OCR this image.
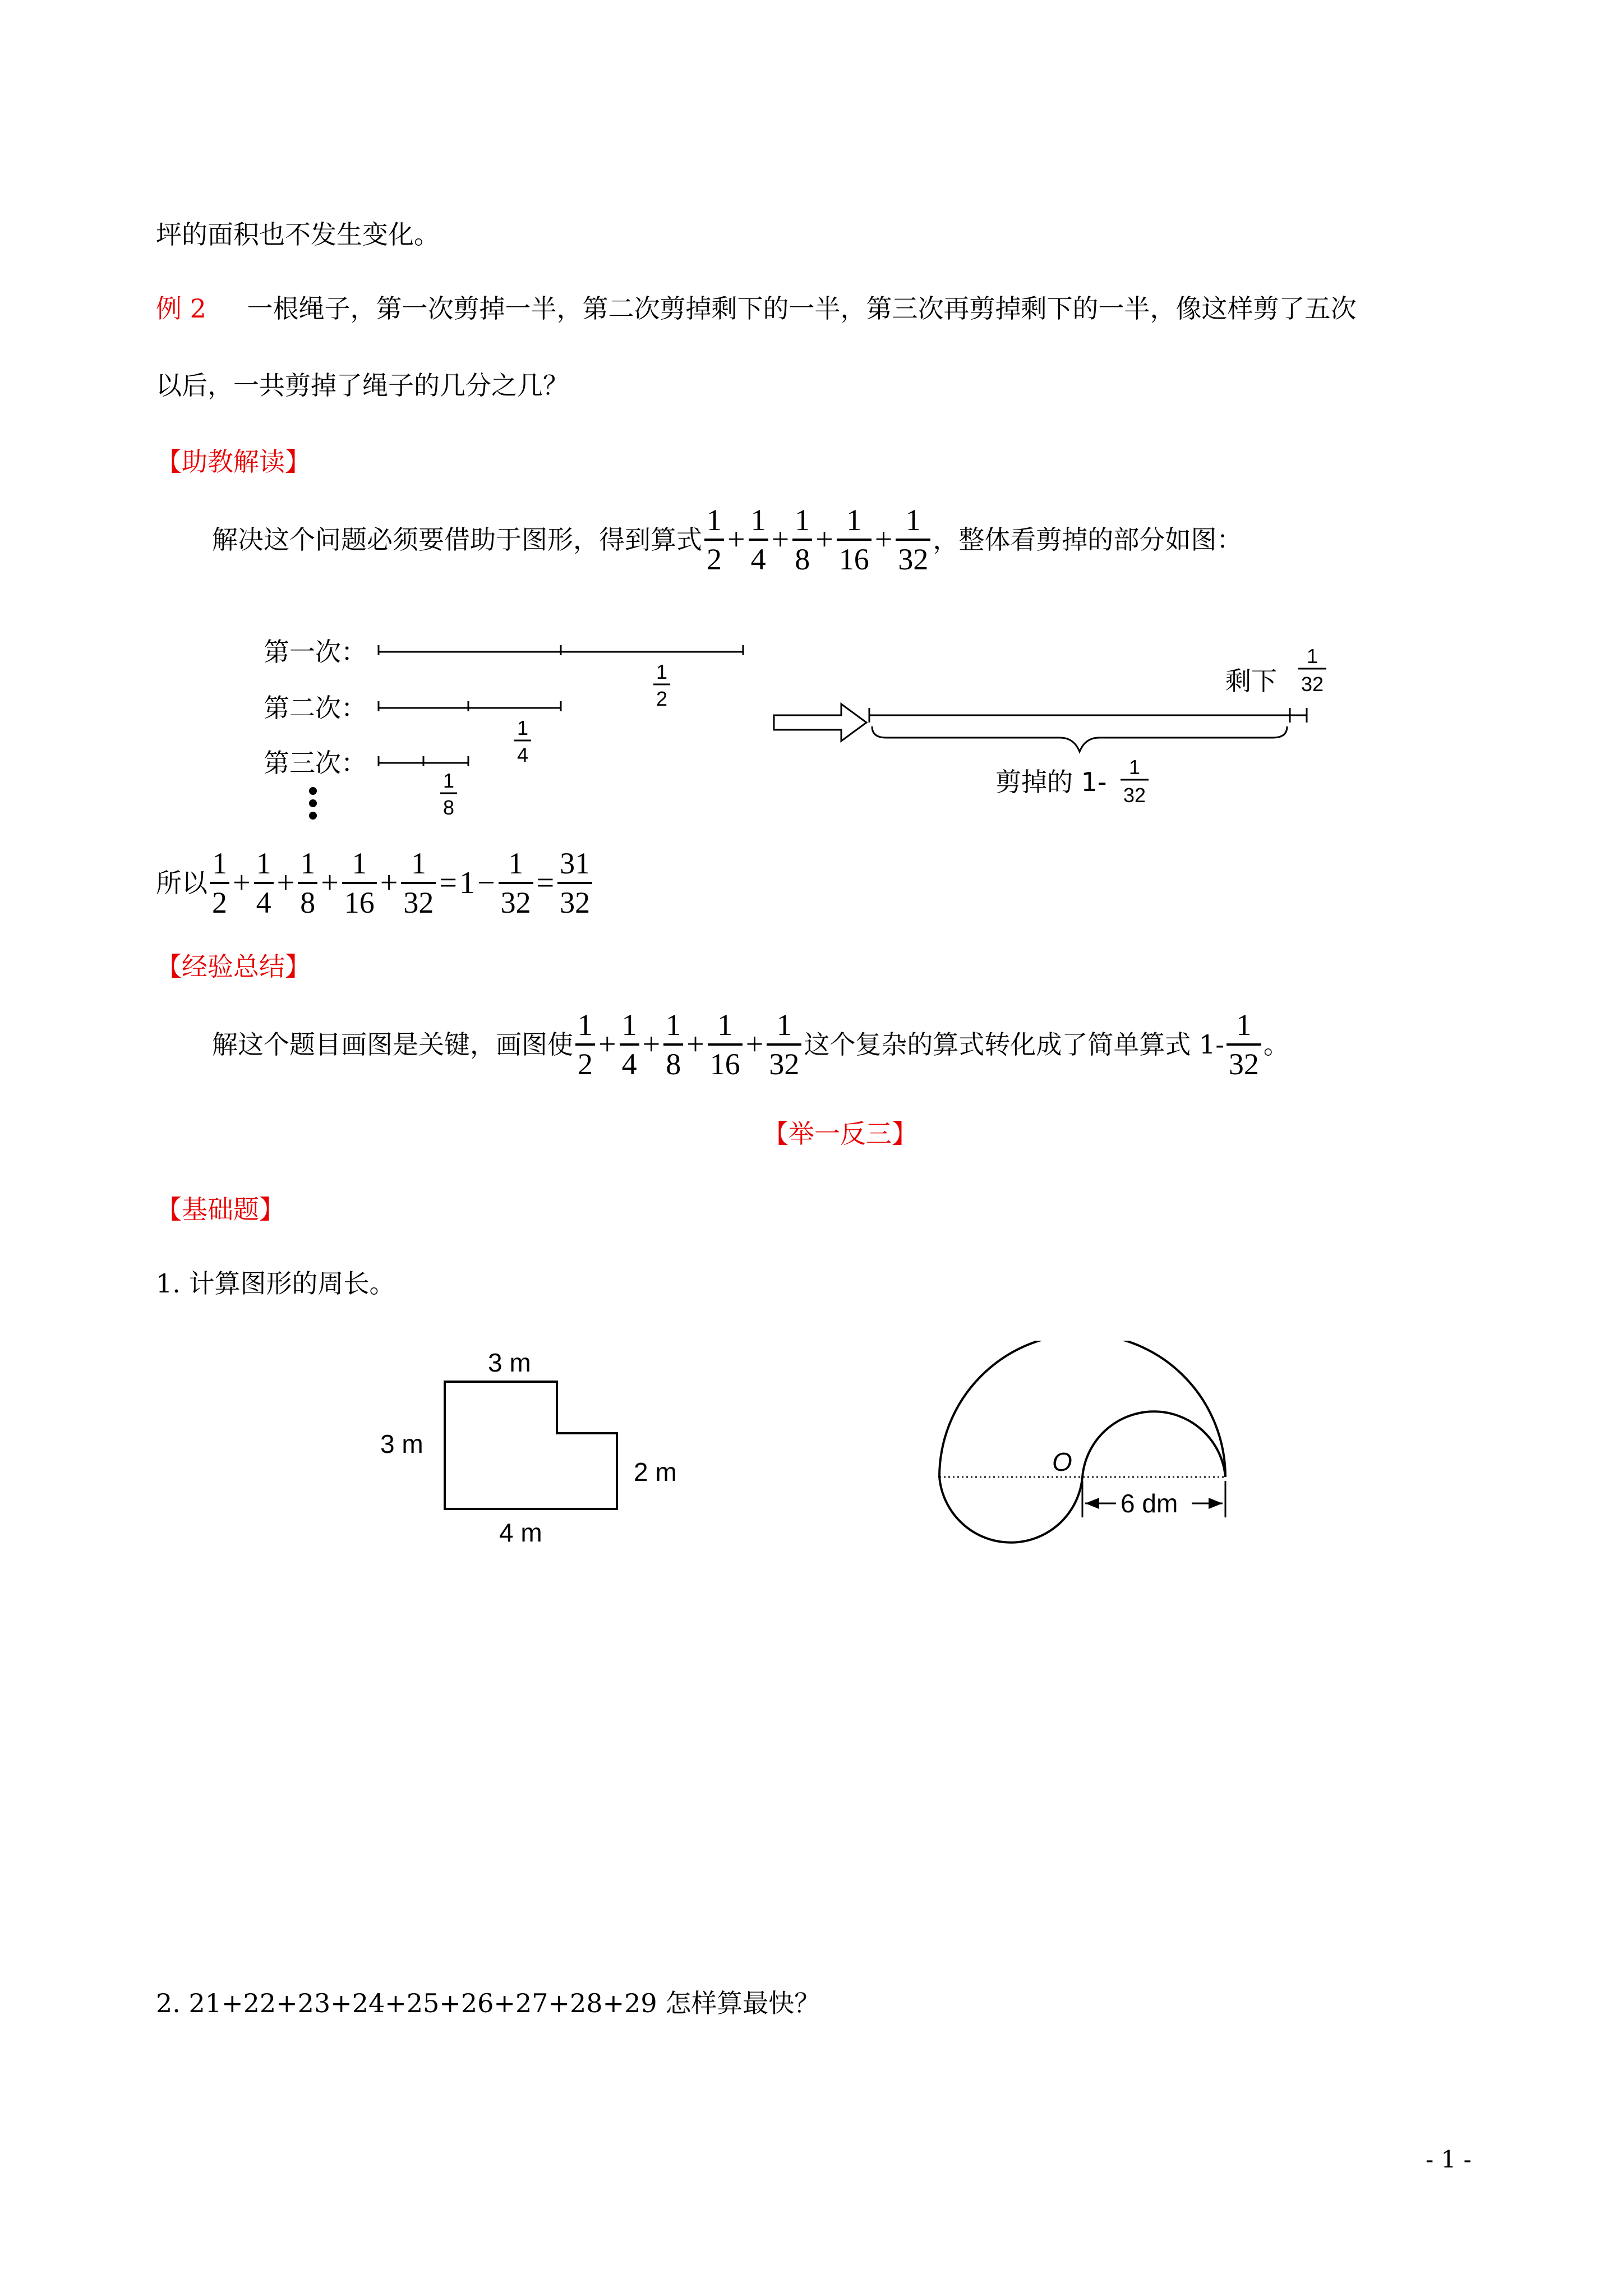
坪的面积也不发生变化。
例 2 一根绳子，第一次剪掉一半，第二次剪掉剩下的一半，第三次再剪掉剩下的一半，像这样剪了五次
以后，一共剪掉了绳子的几分之几？
【助教解读】
解决这个问题必须要借助于图形，得到算式 $\frac{1}{2} + \frac{1}{4} + \frac{1}{8} + \frac{1}{16} + \frac{1}{32}$ ，整体看剪掉的部分如图：
第一次：
第二次：
第三次：
1
2
1
4
1
8
剩下
1
32
剪掉的 1- 1
32
所以 $\frac{1}{2} + \frac{1}{4} + \frac{1}{8} + \frac{1}{16} + \frac{1}{32} = 1 - \frac{1}{32} = \frac{31}{32}$
【经验总结】
解这个题目画图是关键，画图使 $\frac{1}{2} + \frac{1}{4} + \frac{1}{8} + \frac{1}{16} + \frac{1}{32}$ 这个复杂的算式转化成了简单算式 $1- \frac{1}{32}$ 。
【举一反三】
【基础题】
1. 计算图形的周长。
3 m
3 m
2 m
4 m
6 dm
O
2. 21+22+23+24+25+26+27+28+29 怎样算最快？
- 1 -
